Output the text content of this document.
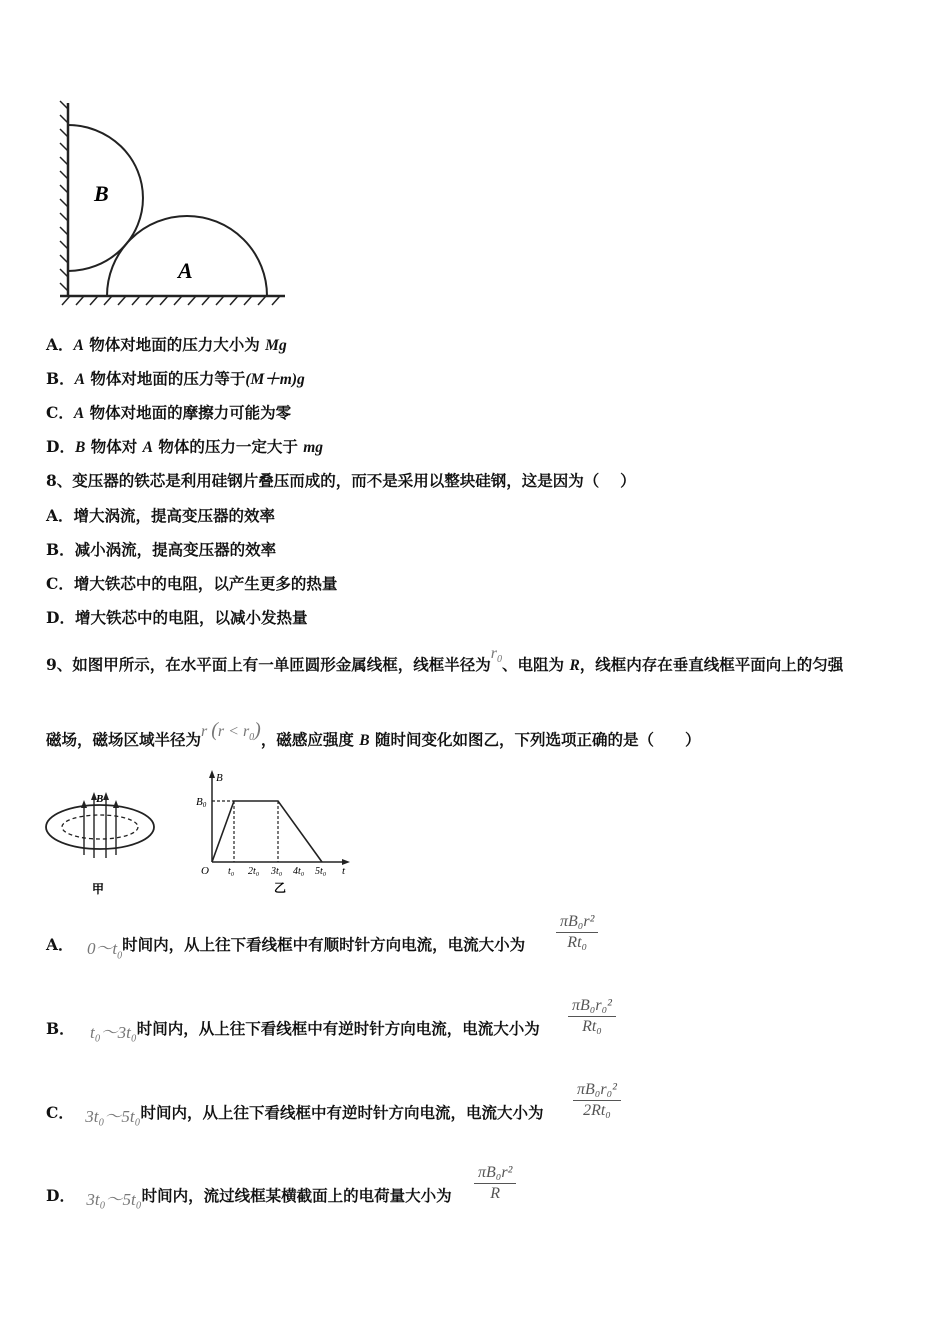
B
A
A．A 物体对地面的压力大小为 Mg
B．A 物体对地面的压力等于(M＋m)g
C．A 物体对地面的摩擦力可能为零
D．B 物体对 A 物体的压力一定大于 mg
8、变压器的铁芯是利用硅钢片叠压而成的，而不是采用以整块硅钢，这是因为（　 ）
A．增大涡流，提高变压器的效率
B．减小涡流，提高变压器的效率
C．增大铁芯中的电阻，以产生更多的热量
D．增大铁芯中的电阻，以减小发热量
9、如图甲所示，在水平面上有一单匝圆形金属线框，线框半径为$r_0$、电阻为 R，线框内存在垂直线框平面向上的匀强
磁场，磁场区域半径为r $(r < r_0)$，磁感应强度 B 随时间变化如图乙，下列选项正确的是（　　）
B
甲
B
B0
O t₀ 2t₀ 3t₀ 4t₀ 5t₀ t
乙
A． $0\sim t_0$时间内，从上往下看线框中有顺时针方向电流，电流大小为 $\frac{\text{πB₀r²}}{\text{Rt₀}}$
B． t₀～3t₀时间内，从上往下看线框中有逆时针方向电流，电流大小为 $\frac{\text{πB₀r₀²}}{\text{Rt₀}}$
C． 3t₀～5t₀时间内，从上往下看线框中有逆时针方向电流，电流大小为 $\frac{\text{πB₀r₀²}}{\text{2Rt₀}}$
D． 3t₀～5t₀时间内，流过线框某横截面上的电荷量大小为 $\frac{\text{πB₀r²}}{R}$
